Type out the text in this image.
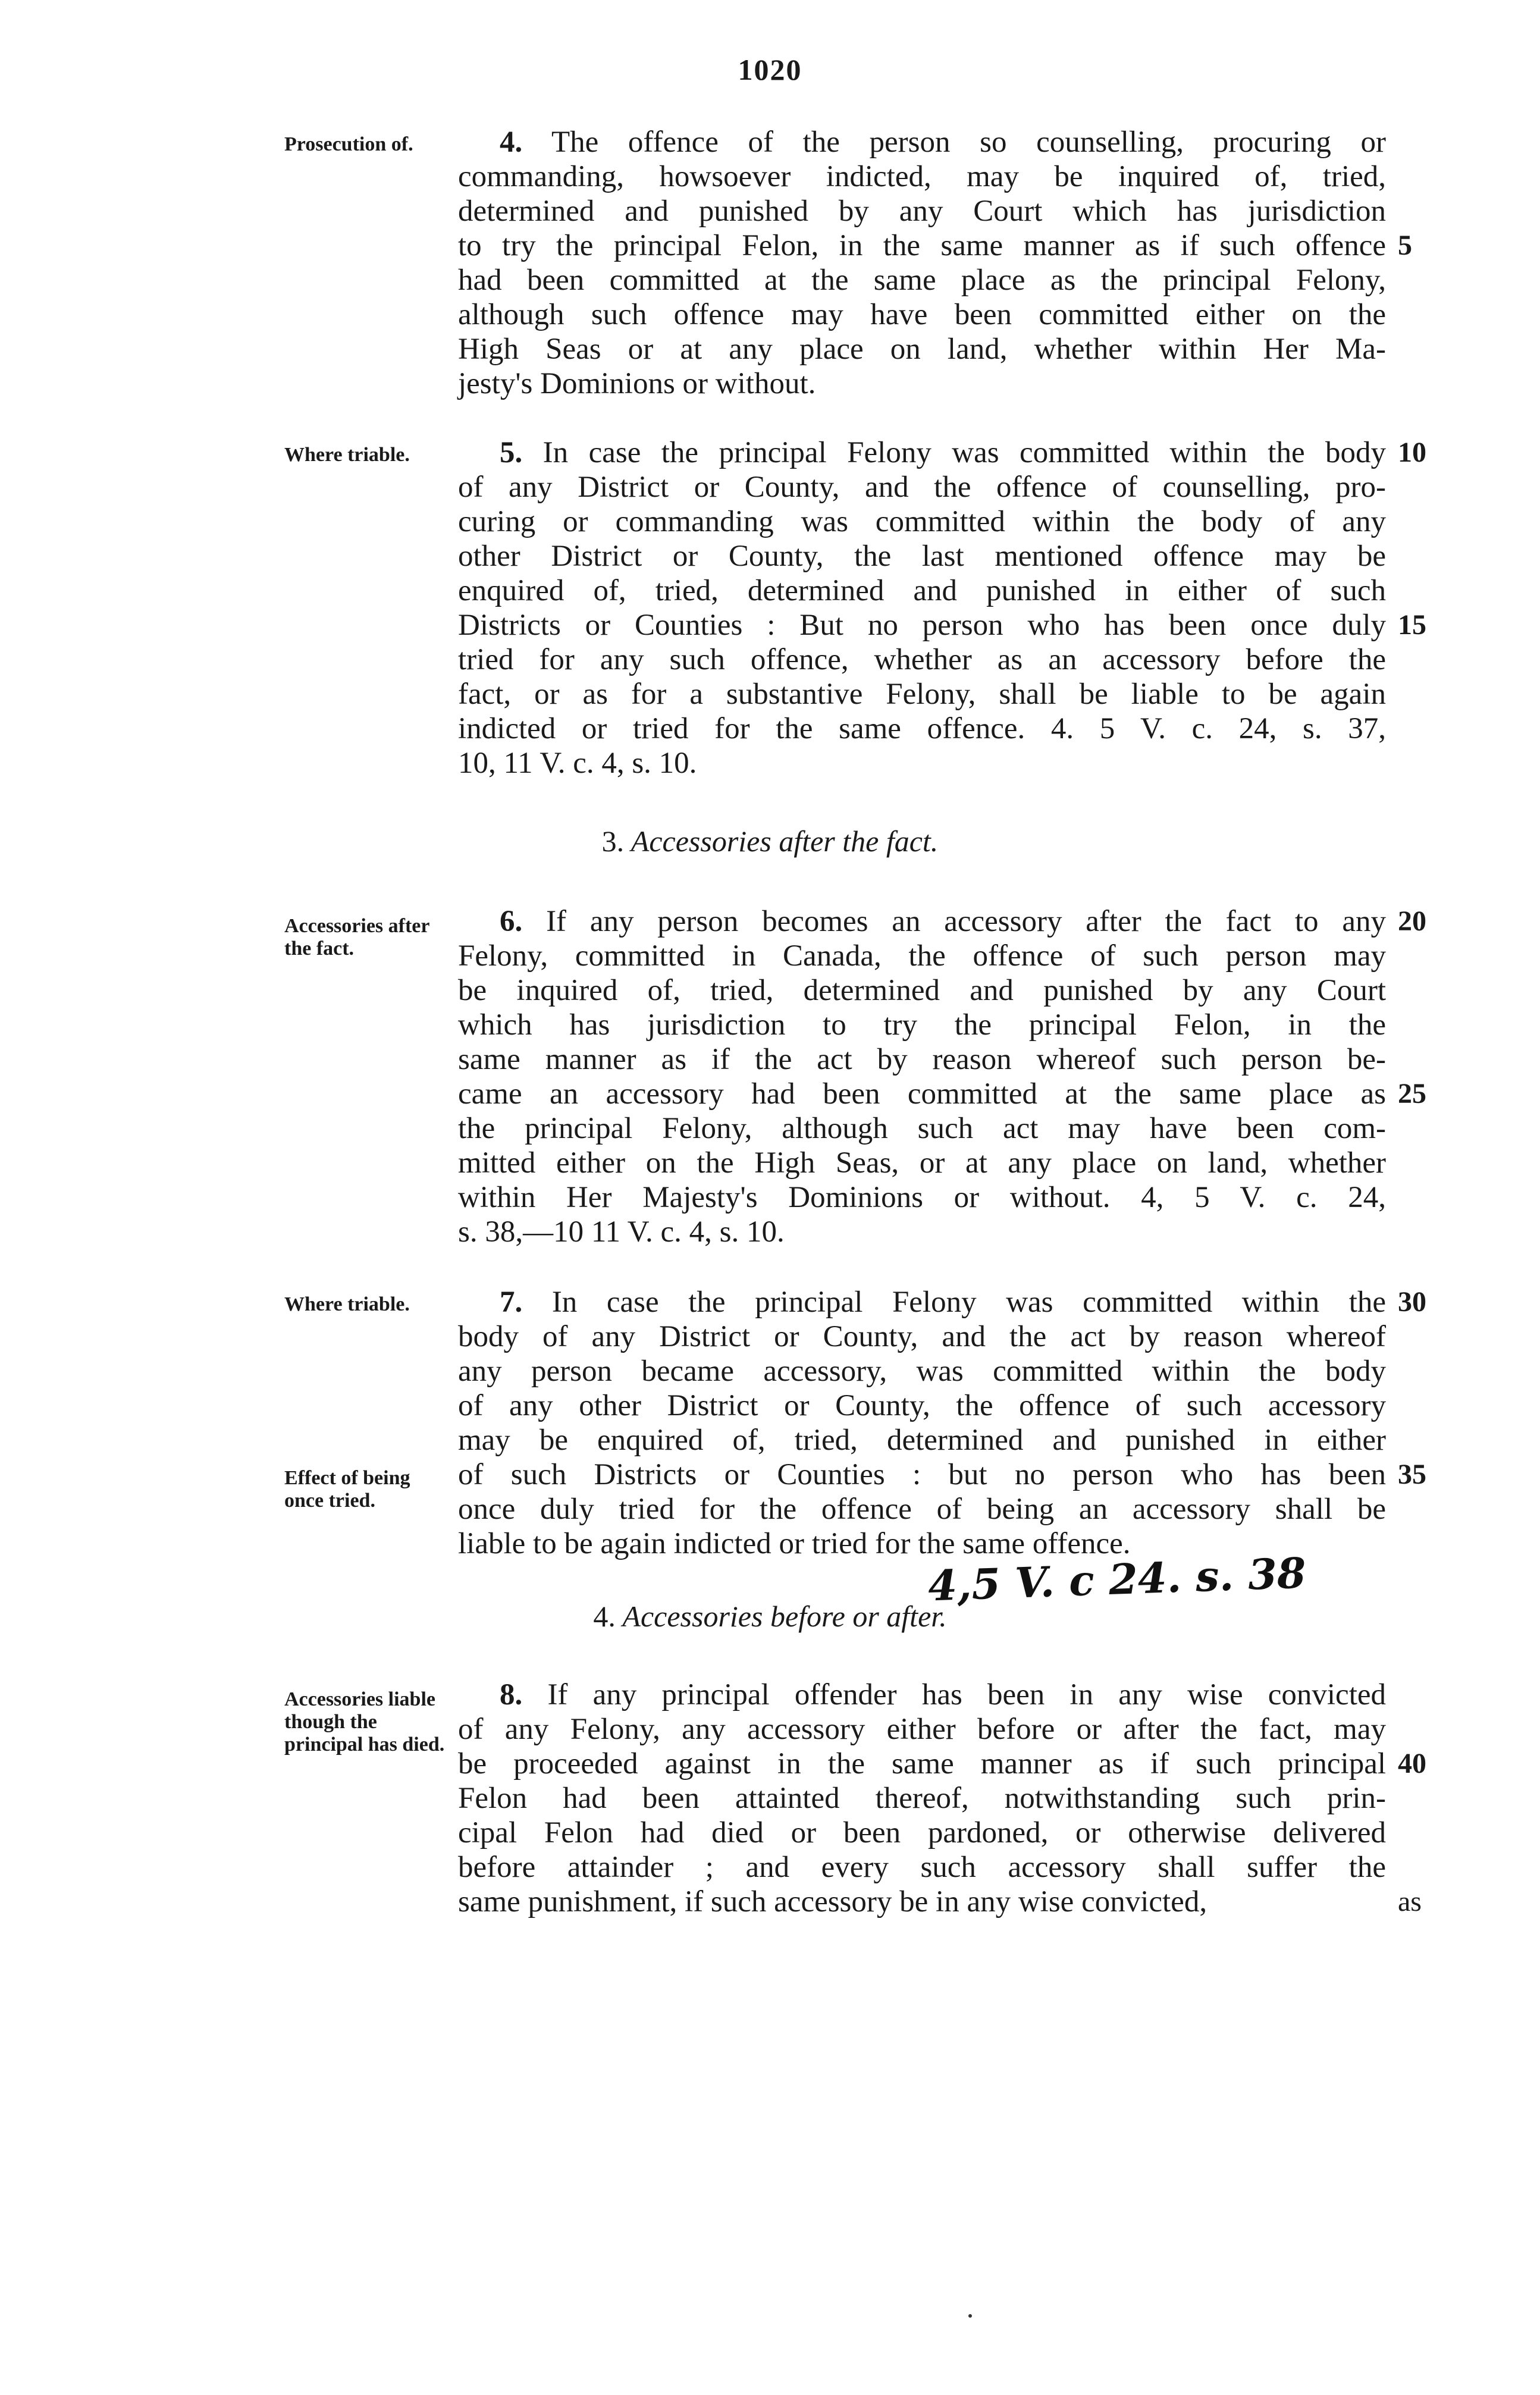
1020
Prosecution of.	4. The offence of the person so counselling, procuring or
commanding, howsoever indicted, may be inquired of, tried,
determined and punished by any Court which has jurisdiction
to try the principal Felon, in the same manner as if such offence
had been committed at the same place as the principal Felony,
although such offence may have been committed either on the
High Seas or at any place on land, whether within Her Ma-
jesty's Dominions or without.
5
Where triable.	5. In case the principal Felony was committed within the body
of any District or County, and the offence of counselling, pro-
curing or commanding was committed within the body of any
other District or County, the last mentioned offence may be
enquired of, tried, determined and punished in either of such
Districts or Counties : But no person who has been once duly
tried for any such offence, whether as an accessory before the
fact, or as for a substantive Felony, shall be liable to be again
indicted or tried for the same offence. 4. 5 V. c. 24, s. 37,
10, 11 V. c. 4, s. 10.
10
15
3. Accessories after the fact.
Accessories after the fact.
6. If any person becomes an accessory after the fact to any
Felony, committed in Canada, the offence of such person may
be inquired of, tried, determined and punished by any Court
which has jurisdiction to try the principal Felon, in the
same manner as if the act by reason whereof such person be-
came an accessory had been committed at the same place as
the principal Felony, although such act may have been com-
mitted either on the High Seas, or at any place on land, whether
within Her Majesty's Dominions or without. 4, 5 V. c. 24,
s. 38,—10 11 V. c. 4, s. 10.
20
25
Where triable.
Effect of being once tried.
7. In case the principal Felony was committed within the
body of any District or County, and the act by reason whereof
any person became accessory, was committed within the body
of any other District or County, the offence of such accessory
may be enquired of, tried, determined and punished in either
of such Districts or Counties : but no person who has been
once duly tried for the offence of being an accessory shall be
liable to be again indicted or tried for the same offence.
30
35
4,5 V. c 24. s. 38
4. Accessories before or after.
Accessories liable though the principal has died.
8. If any principal offender has been in any wise convicted
of any Felony, any accessory either before or after the fact, may
be proceeded against in the same manner as if such principal
Felon had been attainted thereof, notwithstanding such prin-
cipal Felon had died or been pardoned, or otherwise delivered
before attainder ; and every such accessory shall suffer the
same punishment, if such accessory be in any wise convicted,
40
as
